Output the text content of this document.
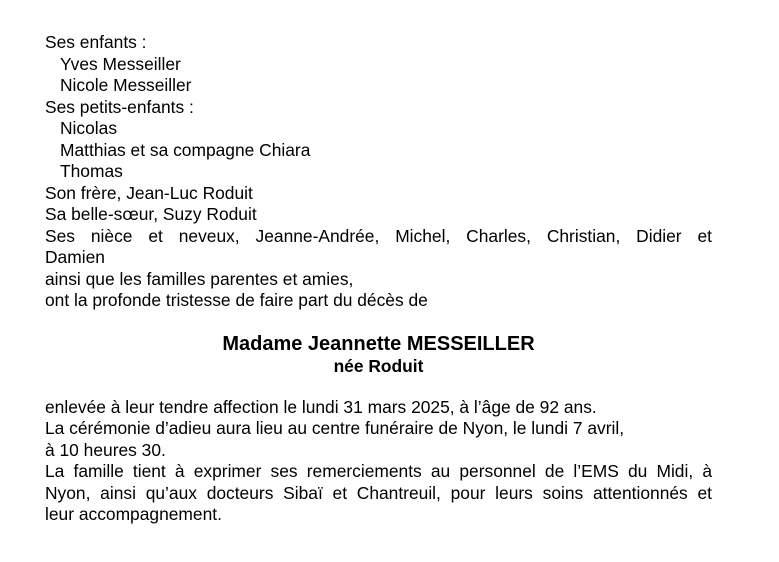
Ses enfants :
Yves Messeiller
Nicole Messeiller
Ses petits-enfants :
Nicolas
Matthias et sa compagne Chiara
Thomas
Son frère, Jean-Luc Roduit
Sa belle-sœur, Suzy Roduit
Ses nièce et neveux, Jeanne-Andrée, Michel, Charles, Christian, Didier et
Damien
ainsi que les familles parentes et amies,
ont la profonde tristesse de faire part du décès de
Madame Jeannette MESSEILLER
née Roduit
enlevée à leur tendre affection le lundi 31 mars 2025, à l’âge de 92 ans.
La cérémonie d’adieu aura lieu au centre funéraire de Nyon, le lundi 7 avril,
à 10 heures 30.
La famille tient à exprimer ses remerciements au personnel de l’EMS du Midi, à
Nyon, ainsi qu’aux docteurs Sibaï et Chantreuil, pour leurs soins attentionnés et
leur accompagnement.
